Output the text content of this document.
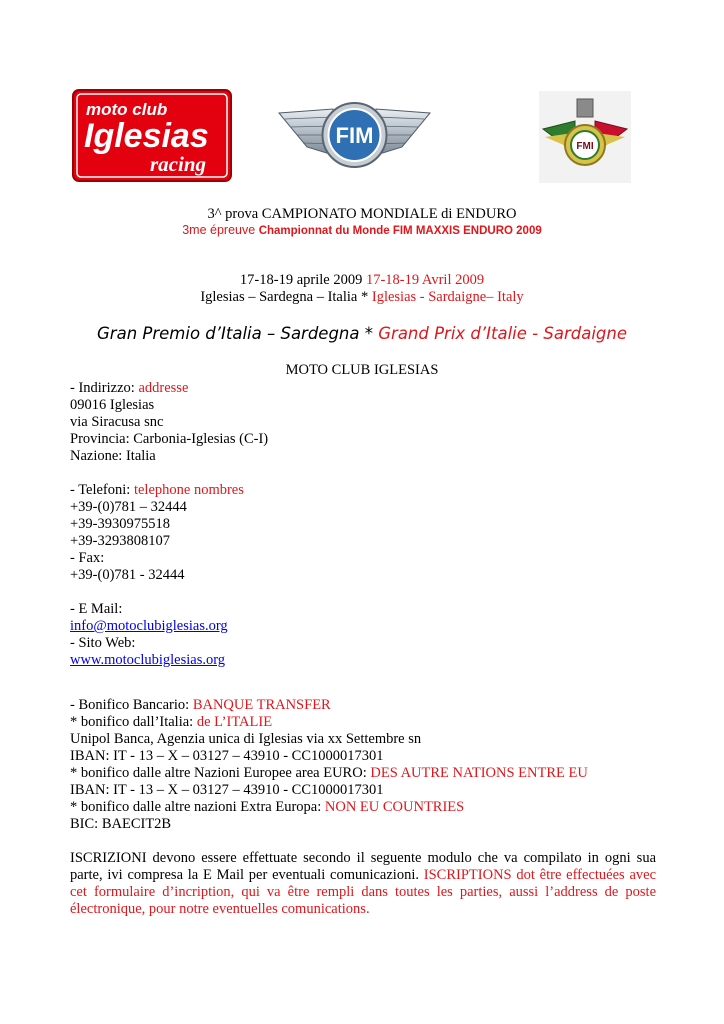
moto club
Iglesias
racing
FIM	FMI
3^ prova CAMPIONATO MONDIALE di ENDURO
3me épreuve Championnat du Monde FIM MAXXIS ENDURO 2009
17-18-19 aprile 2009 17-18-19 Avril 2009
Iglesias – Sardegna – Italia * Iglesias - Sardaigne– Italy
Gran Premio d’Italia – Sardegna * Grand Prix d’Italie - Sardaigne
MOTO CLUB IGLESIAS
- Indirizzo: addresse
09016 Iglesias
via Siracusa snc
Provincia: Carbonia-Iglesias (C-I)
Nazione: Italia
- Telefoni: telephone nombres
+39-(0)781 – 32444
+39-3930975518
+39-3293808107
- Fax:
+39-(0)781 - 32444
- E Mail:
info@motoclubiglesias.org
- Sito Web:
www.motoclubiglesias.org
- Bonifico Bancario: BANQUE TRANSFER
* bonifico dall’Italia: de L’ITALIE
Unipol Banca, Agenzia unica di Iglesias via xx Settembre sn
IBAN: IT - 13 – X – 03127 – 43910 - CC1000017301
* bonifico dalle altre Nazioni Europee area EURO: DES AUTRE NATIONS ENTRE EU
IBAN: IT - 13 – X – 03127 – 43910 - CC1000017301
* bonifico dalle altre nazioni Extra Europa: NON EU COUNTRIES
BIC: BAECIT2B
ISCRIZIONI devono essere effettuate secondo il seguente modulo che va compilato in ogni sua parte, ivi compresa la E Mail per eventuali comunicazioni. ISCRIPTIONS dot être effectuées avec cet formulaire d’incription, qui va être rempli dans toutes les parties, aussi l’address de poste électronique, pour notre eventuelles comunications.
